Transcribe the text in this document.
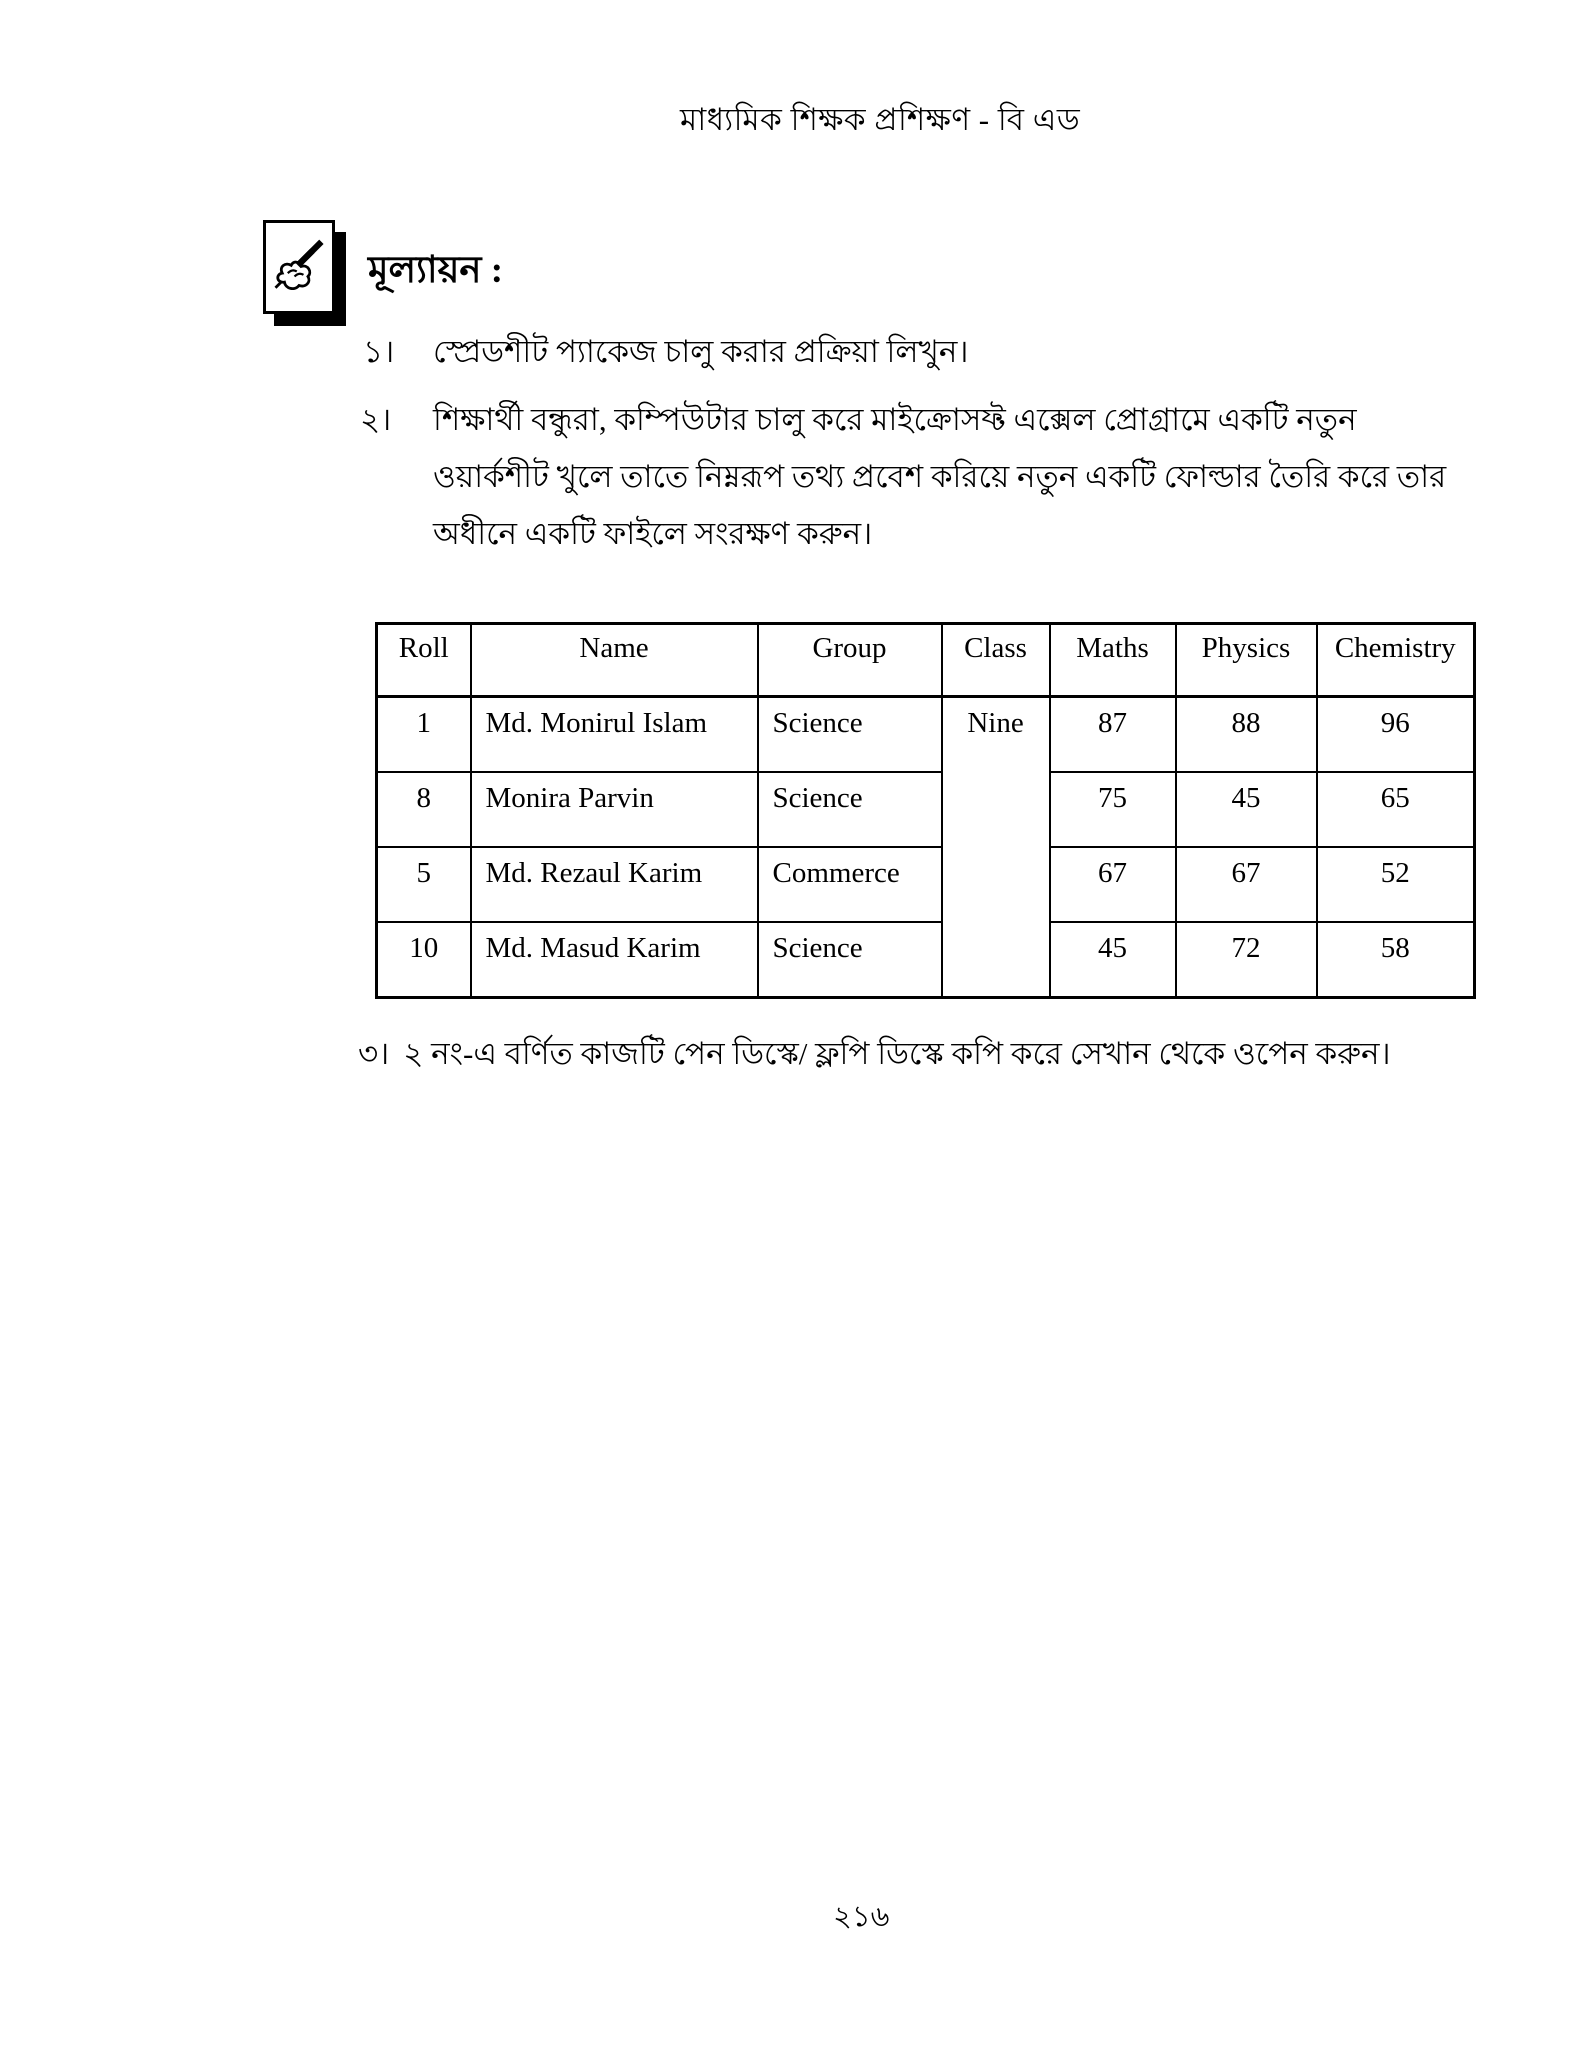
মাধ্যমিক শিক্ষক প্রশিক্ষণ - বি এড
মূল্যায়ন :
১। স্প্রেডশীট প্যাকেজ চালু করার প্রক্রিয়া লিখুন।
২। শিক্ষার্থী বন্ধুরা, কম্পিউটার চালু করে মাইক্রোসফ্ট এক্সেল প্রোগ্রামে একটি নতুন
ওয়ার্কশীট খুলে তাতে নিম্নরূপ তথ্য প্রবেশ করিয়ে নতুন একটি ফোল্ডার তৈরি করে তার
অধীনে একটি ফাইলে সংরক্ষণ করুন।
Roll	Name	Group	Class	Maths	Physics	Chemistry
1	Md. Monirul Islam	Science	Nine	87	88	96
8	Monira Parvin	Science		75	45	65
5	Md. Rezaul Karim	Commerce		67	67	52
10	Md. Masud Karim	Science		45	72	58
৩। ২ নং-এ বর্ণিত কাজটি পেন ডিস্কে/ ফ্লপি ডিস্কে কপি করে সেখান থেকে ওপেন করুন।
২১৬
